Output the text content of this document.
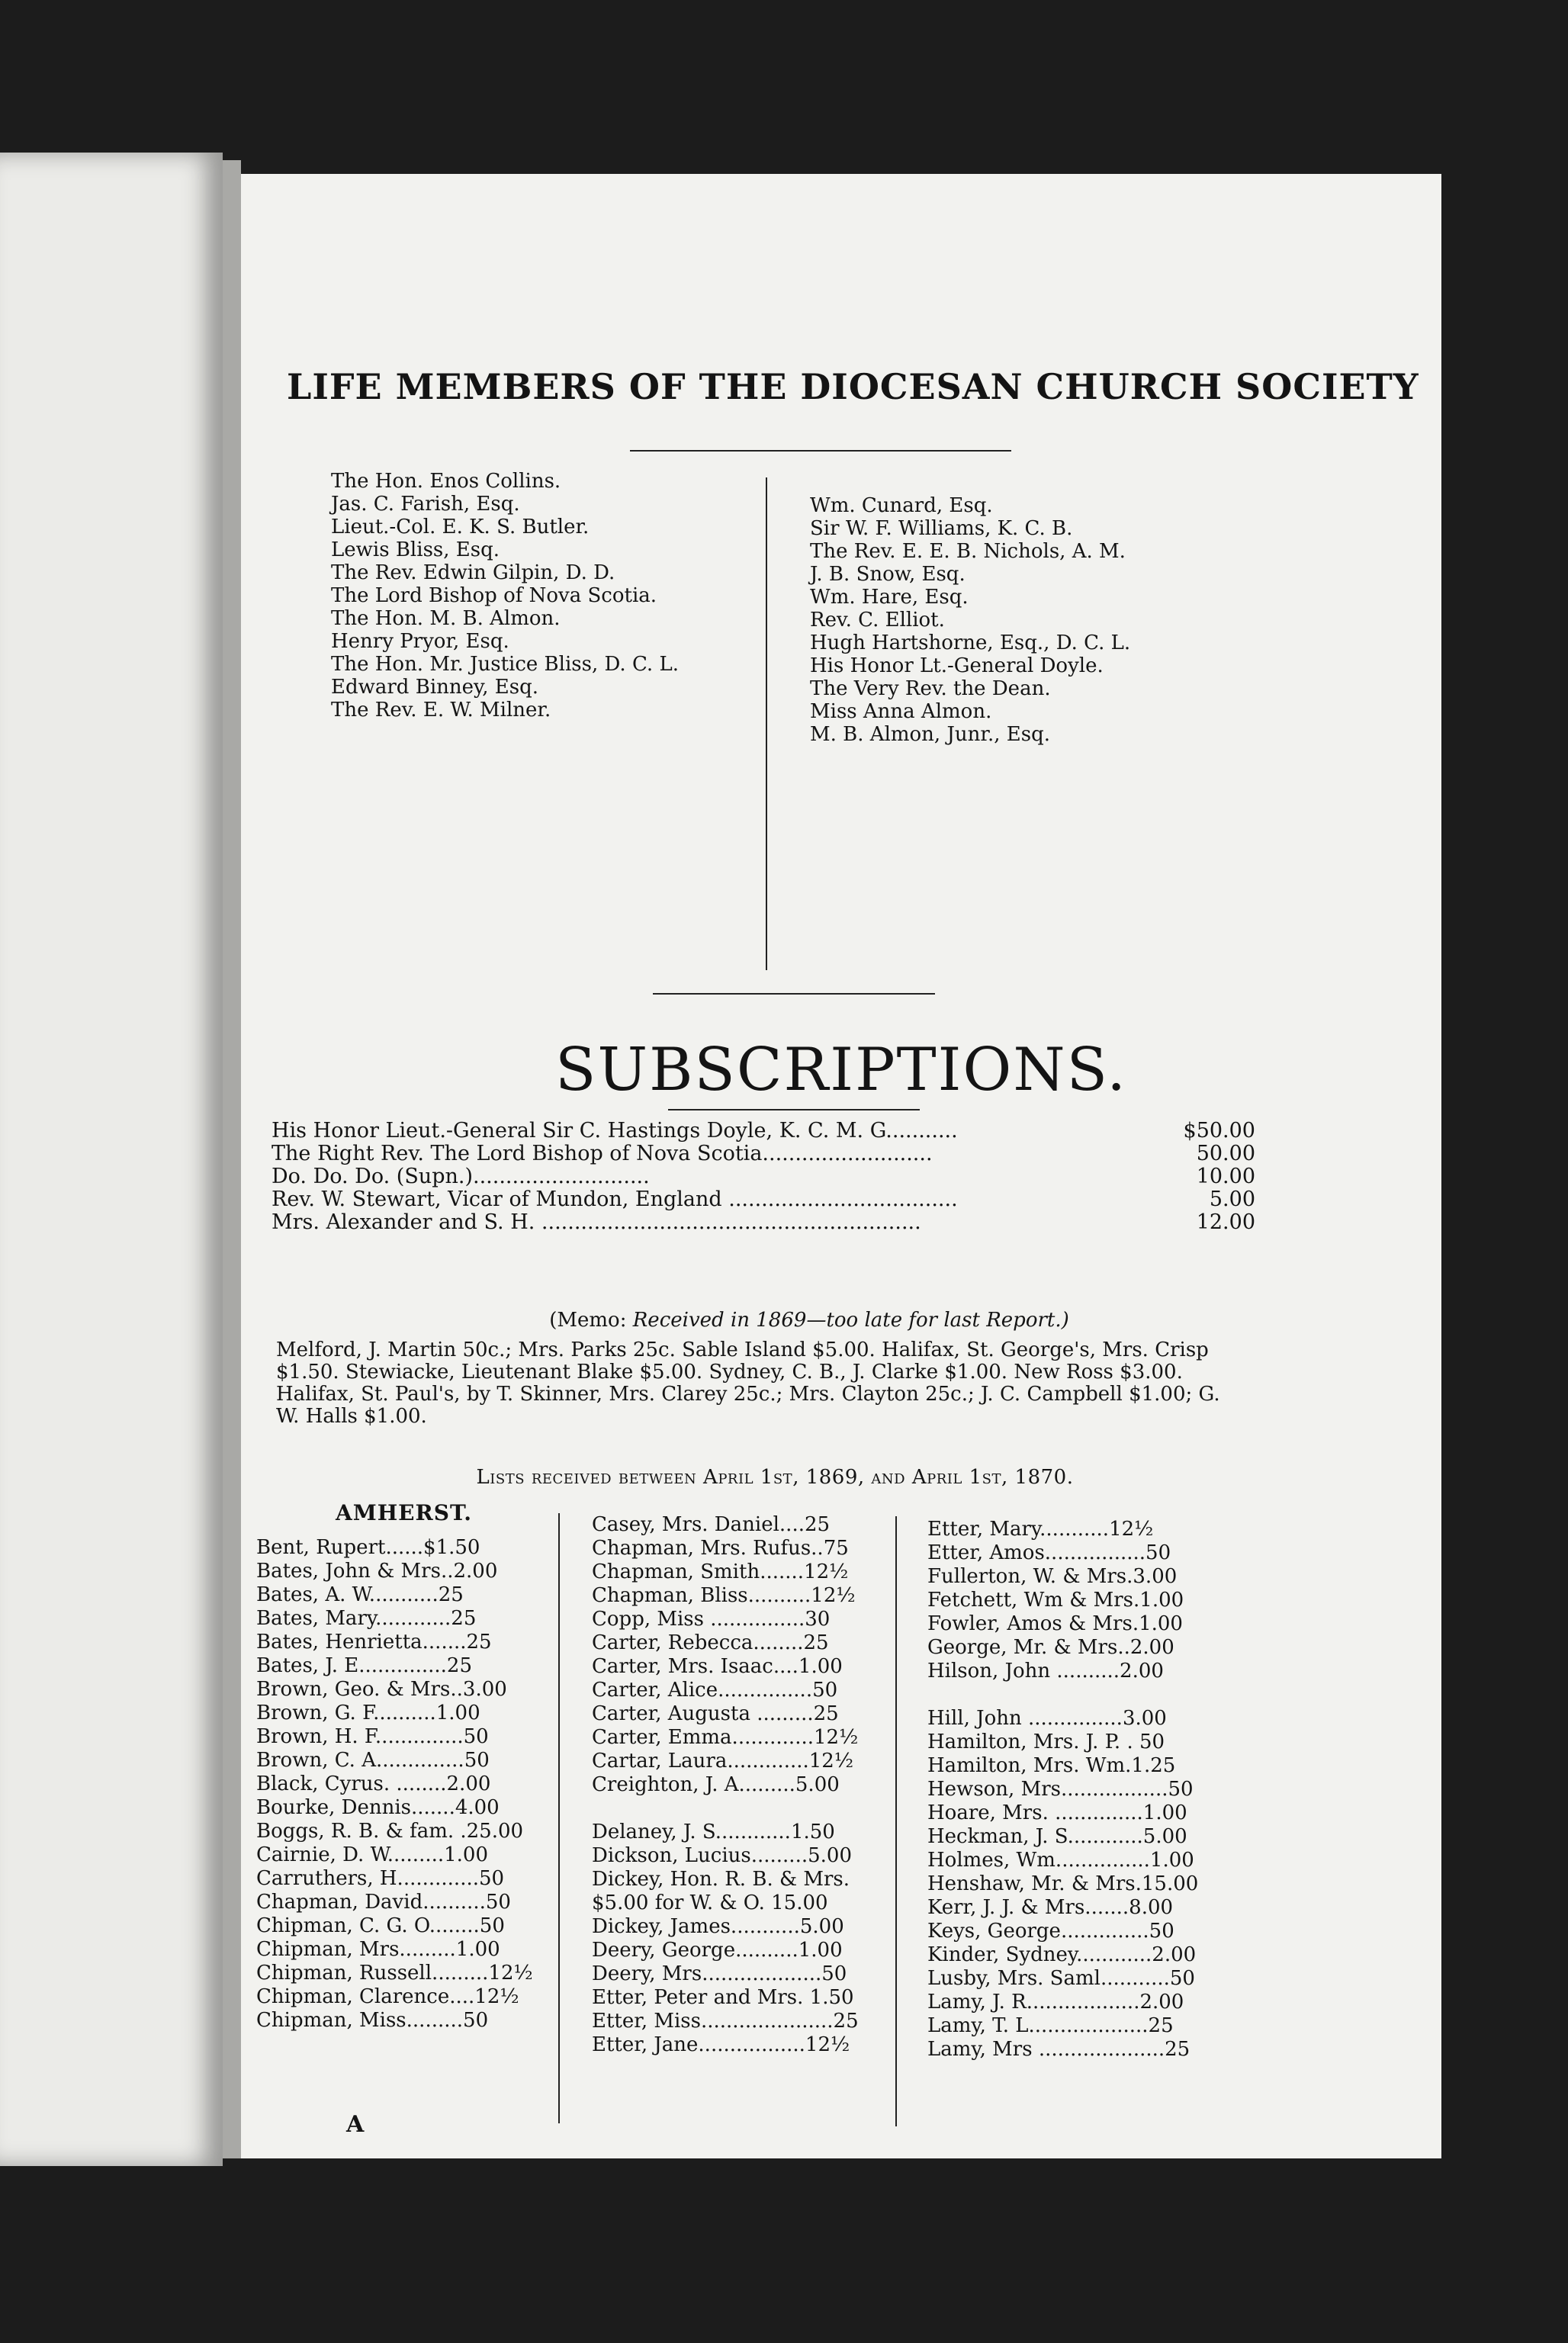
LIFE MEMBERS OF THE DIOCESAN CHURCH SOCIETY
The Hon. Enos Collins.
Jas. C. Farish, Esq.
Lieut.-Col. E. K. S. Butler.
Lewis Bliss, Esq.
The Rev. Edwin Gilpin, D. D.
The Lord Bishop of Nova Scotia.
The Hon. M. B. Almon.
Henry Pryor, Esq.
The Hon. Mr. Justice Bliss, D. C. L.
Edward Binney, Esq.
The Rev. E. W. Milner.
Wm. Cunard, Esq.
Sir W. F. Williams, K. C. B.
The Rev. E. E. B. Nichols, A. M.
J. B. Snow, Esq.
Wm. Hare, Esq.
Rev. C. Elliot.
Hugh Hartshorne, Esq., D. C. L.
His Honor Lt.-General Doyle.
The Very Rev. the Dean.
Miss Anna Almon.
M. B. Almon, Junr., Esq.
SUBSCRIPTIONS.
His Honor Lieut.-General Sir C. Hastings Doyle, K. C. M. G...........	$50.00
The Right Rev. The Lord Bishop of Nova Scotia..........................	50.00
Do. Do. Do. (Supn.)...........................	10.00
Rev. W. Stewart, Vicar of Mundon, England ...................................	5.00
Mrs. Alexander and S. H. ..........................................................	12.00
(Memo: Received in 1869—too late for last Report.)
Melford, J. Martin 50c.; Mrs. Parks 25c. Sable Island $5.00. Halifax, St. George's, Mrs. Crisp $1.50. Stewiacke, Lieutenant Blake $5.00. Sydney, C. B., J. Clarke $1.00. New Ross $3.00. Halifax, St. Paul's, by T. Skinner, Mrs. Clarey 25c.; Mrs. Clayton 25c.; J. C. Campbell $1.00; G. W. Halls $1.00.
Lists received between April 1st, 1869, and April 1st, 1870.
AMHERST.
Bent, Rupert......$1.50
Bates, John & Mrs..2.00
Bates, A. W...........25
Bates, Mary............25
Bates, Henrietta.......25
Bates, J. E..............25
Brown, Geo. & Mrs..3.00
Brown, G. F..........1.00
Brown, H. F..............50
Brown, C. A..............50
Black, Cyrus. ........2.00
Bourke, Dennis.......4.00
Boggs, R. B. & fam. .25.00
Cairnie, D. W.........1.00
Carruthers, H.............50
Chapman, David..........50
Chipman, C. G. O........50
Chipman, Mrs.........1.00
Chipman, Russell.........12½
Chipman, Clarence....12½
Chipman, Miss.........50
Casey, Mrs. Daniel....25
Chapman, Mrs. Rufus..75
Chapman, Smith.......12½
Chapman, Bliss..........12½
Copp, Miss ...............30
Carter, Rebecca........25
Carter, Mrs. Isaac....1.00
Carter, Alice...............50
Carter, Augusta .........25
Carter, Emma.............12½
Cartar, Laura.............12½
Creighton, J. A.........5.00
Delaney, J. S............1.50
Dickson, Lucius.........5.00
Dickey, Hon. R. B. & Mrs.
$5.00 for W. & O. 15.00
Dickey, James...........5.00
Deery, George..........1.00
Deery, Mrs...................50
Etter, Peter and Mrs. 1.50
Etter, Miss.....................25
Etter, Jane.................12½
Etter, Mary...........12½
Etter, Amos................50
Fullerton, W. & Mrs.3.00
Fetchett, Wm & Mrs.1.00
Fowler, Amos & Mrs.1.00
George, Mr. & Mrs..2.00
Hilson, John ..........2.00
Hill, John ...............3.00
Hamilton, Mrs. J. P. . 50
Hamilton, Mrs. Wm.1.25
Hewson, Mrs.................50
Hoare, Mrs. ..............1.00
Heckman, J. S............5.00
Holmes, Wm...............1.00
Henshaw, Mr. & Mrs.15.00
Kerr, J. J. & Mrs.......8.00
Keys, George..............50
Kinder, Sydney............2.00
Lusby, Mrs. Saml...........50
Lamy, J. R..................2.00
Lamy, T. L...................25
Lamy, Mrs ....................25
A
